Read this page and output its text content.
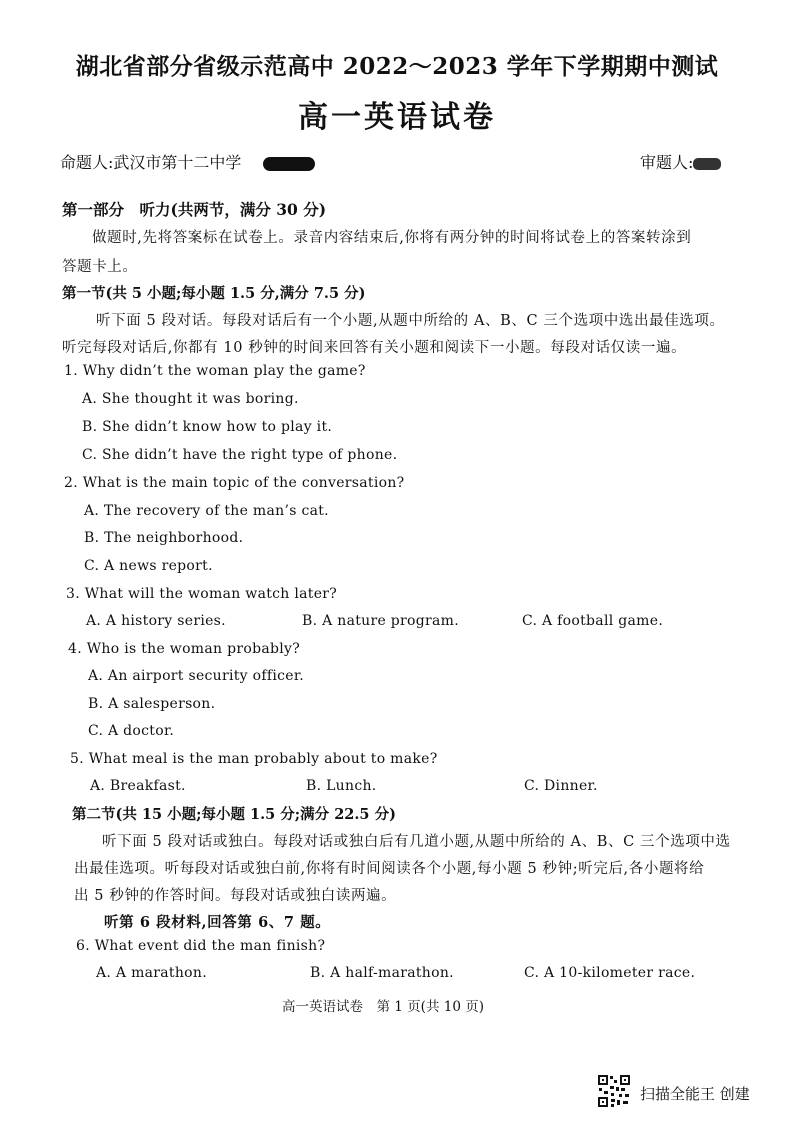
湖北省部分省级示范高中 2022～2023 学年下学期期中测试
高一英语试卷
命题人:武汉市第十二中学	审题人:
第一部分　听力(共两节，满分 30 分)
做题时,先将答案标在试卷上。录音内容结束后,你将有两分钟的时间将试卷上的答案转涂到
答题卡上。
第一节(共 5 小题;每小题 1.5 分,满分 7.5 分)
听下面 5 段对话。每段对话后有一个小题,从题中所给的 A、B、C 三个选项中选出最佳选项。
听完每段对话后,你都有 10 秒钟的时间来回答有关小题和阅读下一小题。每段对话仅读一遍。
1. Why didn’t the woman play the game?
A. She thought it was boring.
B. She didn’t know how to play it.
C. She didn’t have the right type of phone.
2. What is the main topic of the conversation?
A. The recovery of the man’s cat.
B. The neighborhood.
C. A news report.
3. What will the woman watch later?
A. A history series.	B. A nature program.	C. A football game.
4. Who is the woman probably?
A. An airport security officer.
B. A salesperson.
C. A doctor.
5. What meal is the man probably about to make?
A. Breakfast.	B. Lunch.	C. Dinner.
第二节(共 15 小题;每小题 1.5 分;满分 22.5 分)
听下面 5 段对话或独白。每段对话或独白后有几道小题,从题中所给的 A、B、C 三个选项中选
出最佳选项。听每段对话或独白前,你将有时间阅读各个小题,每小题 5 秒钟;听完后,各小题将给
出 5 秒钟的作答时间。每段对话或独白读两遍。
听第 6 段材料,回答第 6、7 题。
6. What event did the man finish?
A. A marathon.	B. A half-marathon.	C. A 10-kilometer race.
高一英语试卷　第 1 页(共 10 页)
扫描全能王 创建
